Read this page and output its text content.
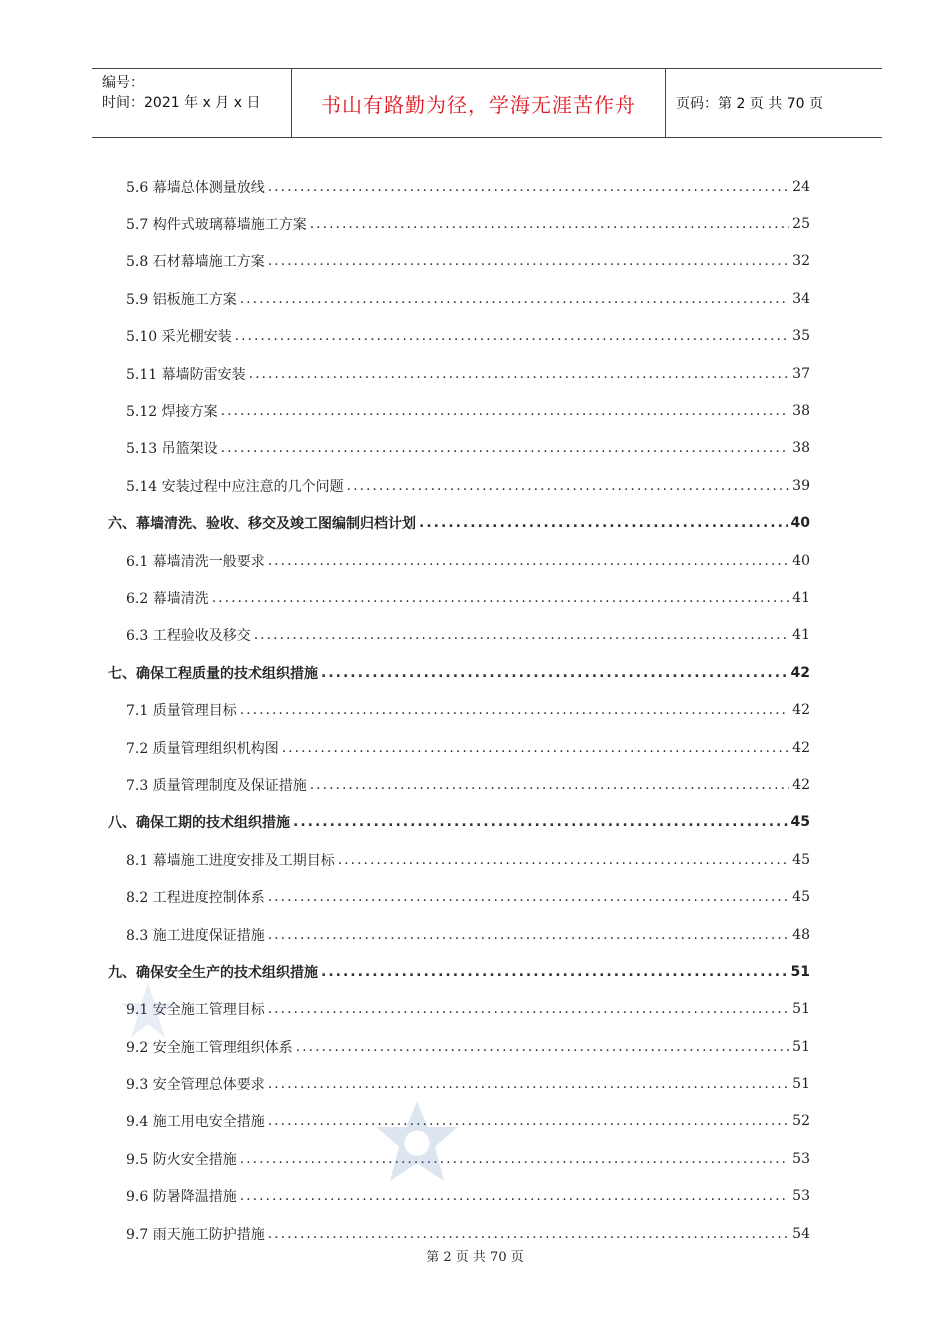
编号：
时间：2021 年 x 月 x 日	书山有路勤为径，学海无涯苦作舟	页码：第 2 页 共 70 页
5.6 幕墙总体测量放线 .....	24
5.7 构件式玻璃幕墙施工方案 .....	25
5.8 石材幕墙施工方案 .....	32
5.9 铝板施工方案 .....	34
5.10 采光棚安装 .....	35
5.11 幕墙防雷安装 .....	37
5.12 焊接方案 .....	38
5.13 吊篮架设 .....	38
5.14 安装过程中应注意的几个问题 .....	39
六、幕墙清洗、验收、移交及竣工图编制归档计划 .....	40
6.1 幕墙清洗一般要求 .....	40
6.2 幕墙清洗 .....	41
6.3 工程验收及移交 .....	41
七、确保工程质量的技术组织措施 .....	42
7.1 质量管理目标 .....	42
7.2 质量管理组织机构图 .....	42
7.3 质量管理制度及保证措施 .....	42
八、确保工期的技术组织措施 .....	45
8.1 幕墙施工进度安排及工期目标 .....	45
8.2 工程进度控制体系 .....	45
8.3 施工进度保证措施 .....	48
九、确保安全生产的技术组织措施 .....	51
9.1 安全施工管理目标 .....	51
9.2 安全施工管理组织体系 .....	51
9.3 安全管理总体要求 .....	51
9.4 施工用电安全措施 .....	52
9.5 防火安全措施 .....	53
9.6 防暑降温措施 .....	53
9.7 雨天施工防护措施 .....	54
第 2 页 共 70 页
